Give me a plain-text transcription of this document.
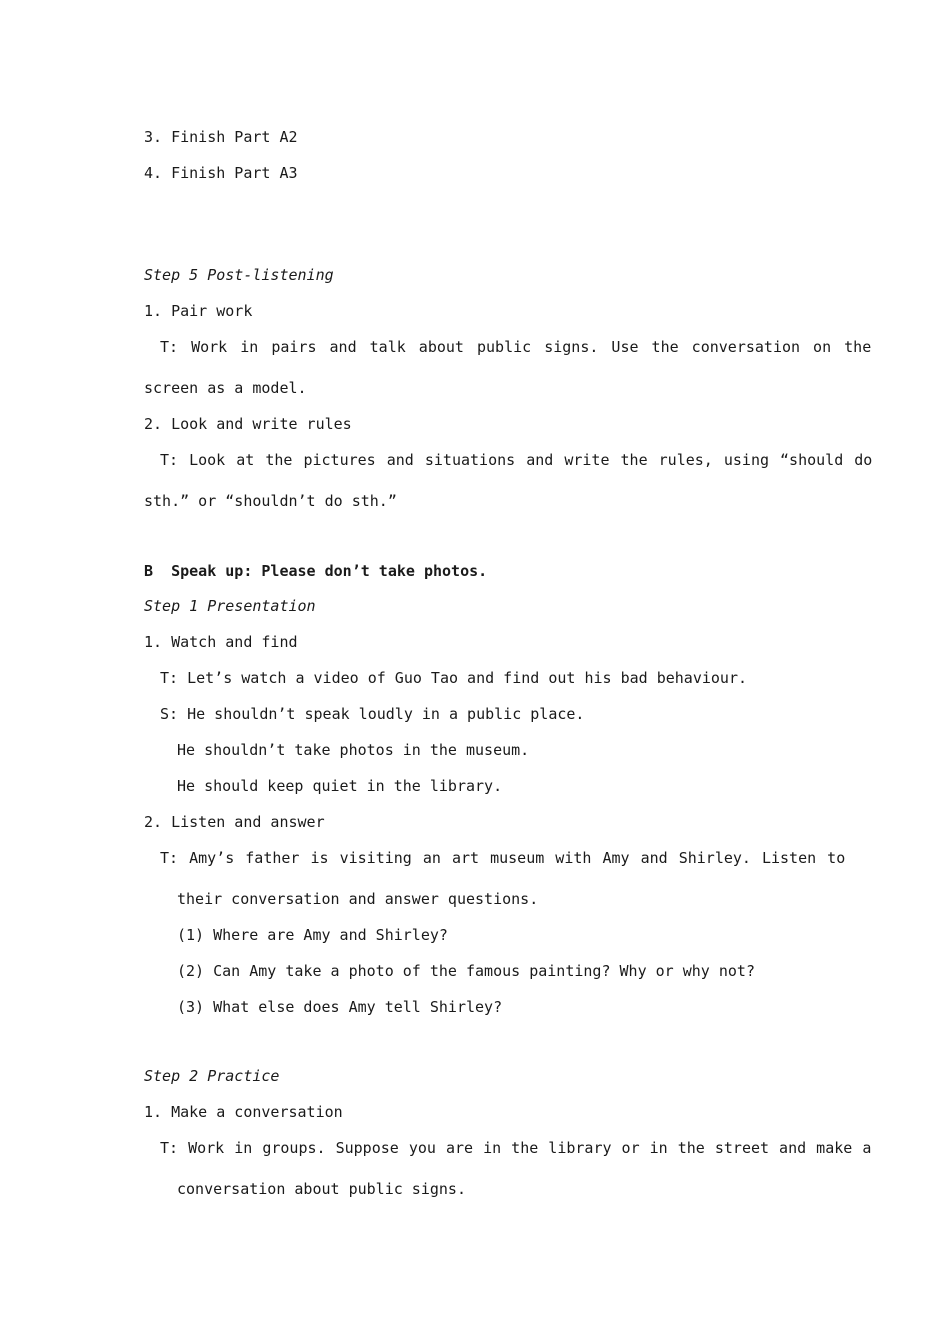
3. Finish Part A2
4. Finish Part A3
Step 5 Post-listening
1. Pair work
T: Work in pairs and talk about public signs. Use the conversation on the
screen as a model.
2. Look and write rules
T: Look at the pictures and situations and write the rules, using “should do
sth.” or “shouldn’t do sth.”
B  Speak up: Please don’t take photos.
Step 1 Presentation
1. Watch and find
T: Let’s watch a video of Guo Tao and find out his bad behaviour.
S: He shouldn’t speak loudly in a public place.
He shouldn’t take photos in the museum.
He should keep quiet in the library.
2. Listen and answer
T: Amy’s father is visiting an art museum with Amy and Shirley. Listen to
their conversation and answer questions.
(1) Where are Amy and Shirley?
(2) Can Amy take a photo of the famous painting? Why or why not?
(3) What else does Amy tell Shirley?
Step 2 Practice
1. Make a conversation
T: Work in groups. Suppose you are in the library or in the street and make a
conversation about public signs.
